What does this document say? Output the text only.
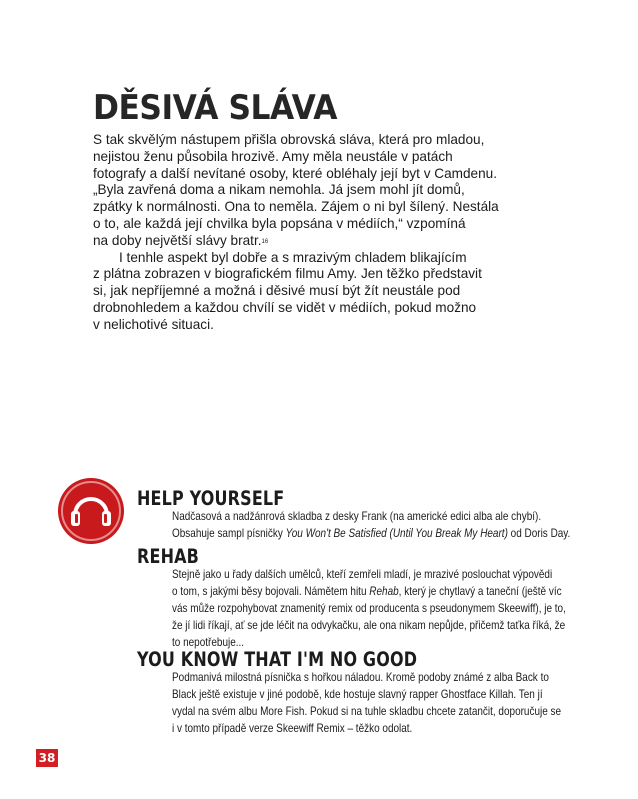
DĚSIVÁ SLÁVA

S tak skvělým nástupem přišla obrovská sláva, která pro mladou,
nejistou ženu působila hrozivě. Amy měla neustále v patách
fotografy a další nevítané osoby, které obléhaly její byt v Camdenu.
„Byla zavřená doma a nikam nemohla. Já jsem mohl jít domů,
zpátky k normálnosti. Ona to neměla. Zájem o ni byl šílený. Nestála
o to, ale každá její chvilka byla popsána v médiích,“ vzpomíná
na doby největší slávy bratr.$^{16}$

I tenhle aspekt byl dobře a s mrazivým chladem blikajícím
z plátna zobrazen v biografickém filmu Amy. Jen těžko představit
si, jak nepříjemné a možná i děsivé musí být žít neustále pod
drobnohledem a každou chvílí se vidět v médiích, pokud možno
v nelichotivé situaci.

HELP YOURSELF

Nadčasová a nadžánrová skladba z desky Frank (na americké edici alba ale chybí).
Obsahuje sampl písničky You Won't Be Satisfied (Until You Break My Heart) od Doris Day.

REHAB

Stejně jako u řady dalších umělců, kteří zemřeli mladí, je mrazivé poslouchat výpovědi
o tom, s jakými běsy bojovali. Námětem hitu Rehab, který je chytlavý a taneční (ještě víc
vás může rozpohybovat znamenitý remix od producenta s pseudonymem Skeewiff), je to,
že jí lidi říkají, ať se jde léčit na odvykačku, ale ona nikam nepůjde, přičemž taťka říká, že
to nepotřebuje...

YOU KNOW THAT I'M NO GOOD

Podmanivá milostná písnička s hořkou náladou. Kromě podoby známé z alba Back to
Black ještě existuje v jiné podobě, kde hostuje slavný rapper Ghostface Killah. Ten jí
vydal na svém albu More Fish. Pokud si na tuhle skladbu chcete zatančit, doporučuje se
i v tomto případě verze Skeewiff Remix – těžko odolat.

38
